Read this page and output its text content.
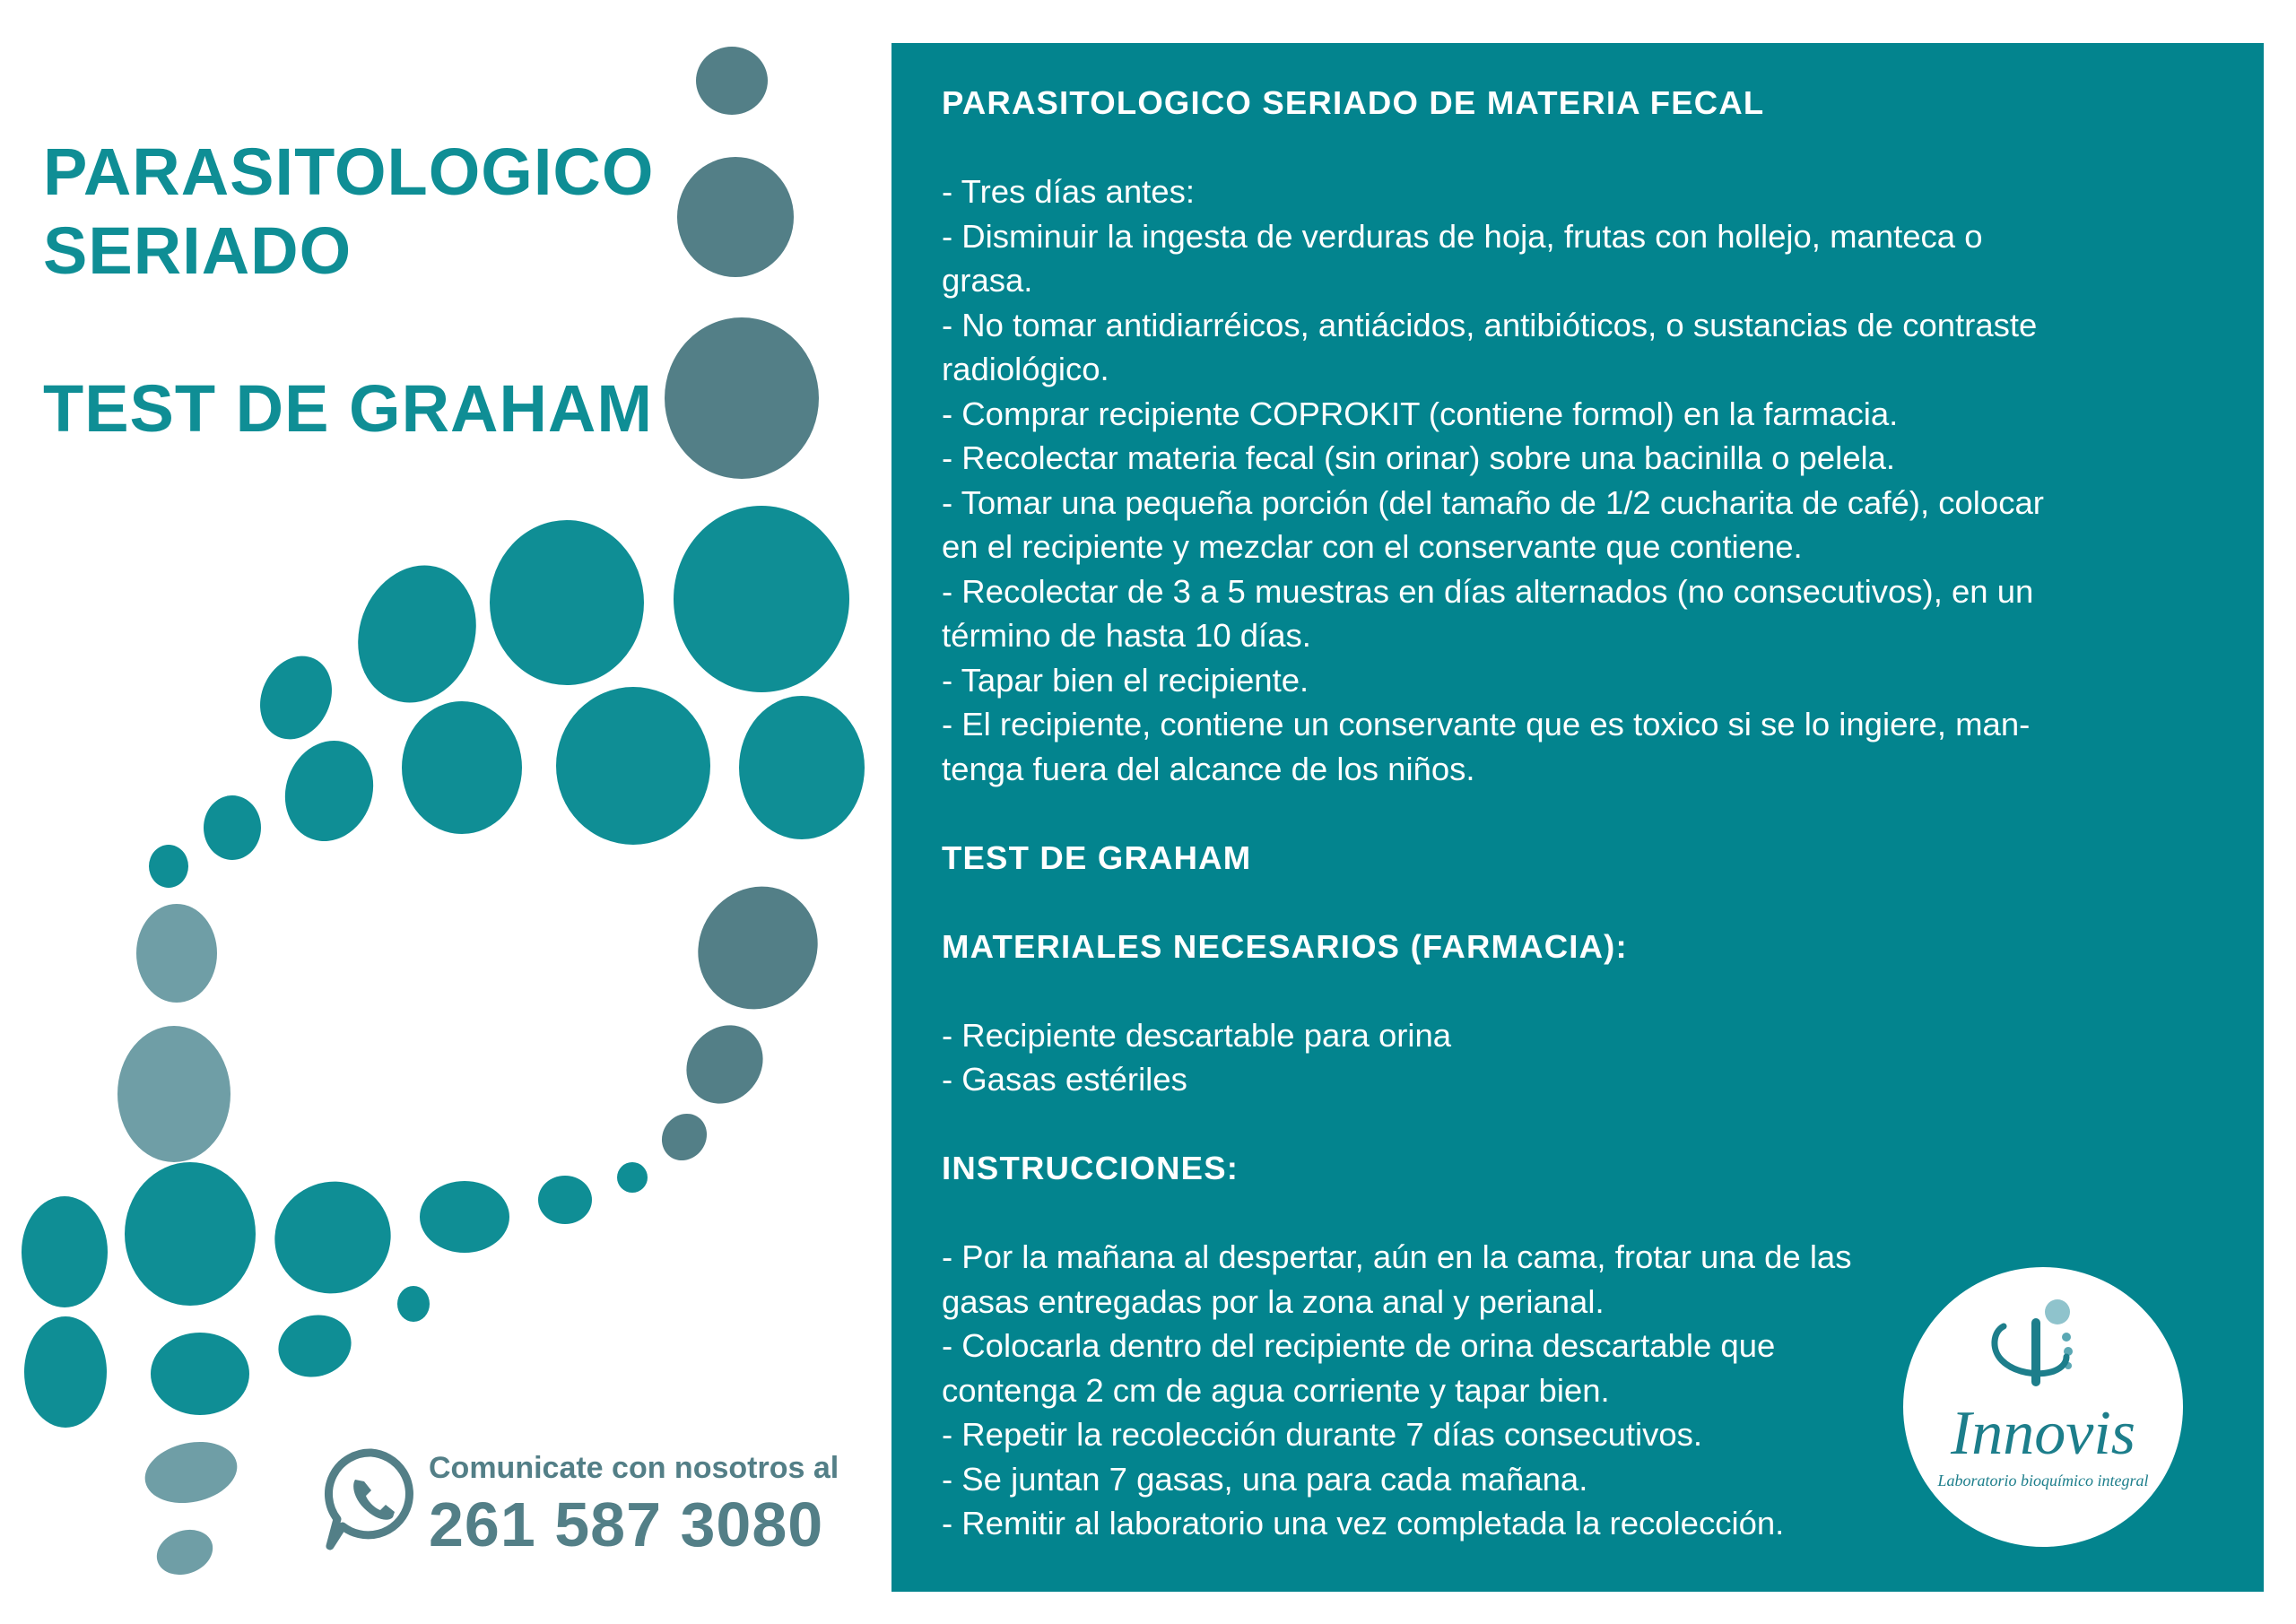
PARASITOLOGICO
SERIADO
TEST DE GRAHAM
Comunicate con nosotros al
261 587 3080
PARASITOLOGICO SERIADO DE MATERIA FECAL
- Tres días antes:
- Disminuir la ingesta de verduras de hoja, frutas con hollejo, manteca o
grasa.
- No tomar antidiarréicos, antiácidos, antibióticos, o sustancias de contraste
radiológico.
- Comprar recipiente COPROKIT (contiene formol) en la farmacia.
- Recolectar materia fecal (sin orinar) sobre una bacinilla o pelela.
- Tomar una pequeña porción (del tamaño de 1/2 cucharita de café), colocar
en el recipiente y mezclar con el conservante que contiene.
- Recolectar de 3 a 5 muestras en días alternados (no consecutivos), en un
término de hasta 10 días.
- Tapar bien el recipiente.
- El recipiente, contiene un conservante que es toxico si se lo ingiere, man-
tenga fuera del alcance de los niños.
TEST DE GRAHAM
MATERIALES NECESARIOS (FARMACIA):
- Recipiente descartable para orina
- Gasas estériles
INSTRUCCIONES:
- Por la mañana al despertar, aún en la cama, frotar una de las
gasas entregadas por la zona anal y perianal.
- Colocarla dentro del recipiente de orina descartable que
contenga 2 cm de agua corriente y tapar bien.
- Repetir la recolección durante 7 días consecutivos.
- Se juntan 7 gasas, una para cada mañana.
- Remitir al laboratorio una vez completada la recolección.
Innovis
Laboratorio bioquímico integral
